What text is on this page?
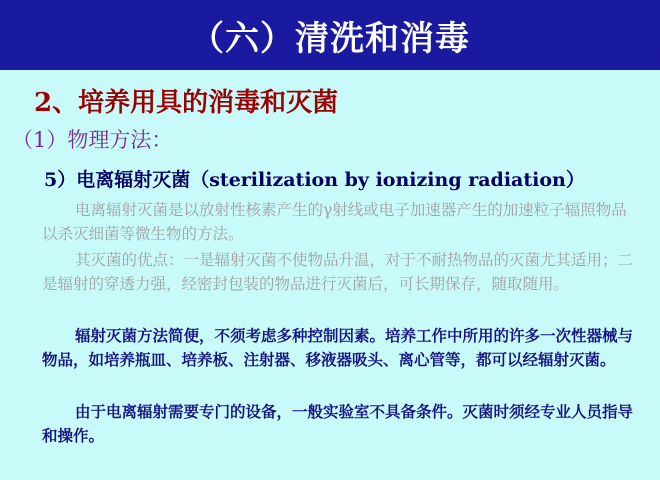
（六）清洗和消毒
2、培养用具的消毒和灭菌
（1）物理方法：
5）电离辐射灭菌（sterilization by ionizing radiation）
电离辐射灭菌是以放射性核素产生的γ射线或电子加速器产生的加速粒子辐照物品以杀灭细菌等微生物的方法。
其灭菌的优点：一是辐射灭菌不使物品升温，对于不耐热物品的灭菌尤其适用；二是辐射的穿透力强，经密封包装的物品进行灭菌后，可长期保存，随取随用。
辐射灭菌方法简便，不须考虑多种控制因素。培养工作中所用的许多一次性器械与物品，如培养瓶皿、培养板、注射器、移液器吸头、离心管等，都可以经辐射灭菌。
由于电离辐射需要专门的设备，一般实验室不具备条件。灭菌时须经专业人员指导和操作。
